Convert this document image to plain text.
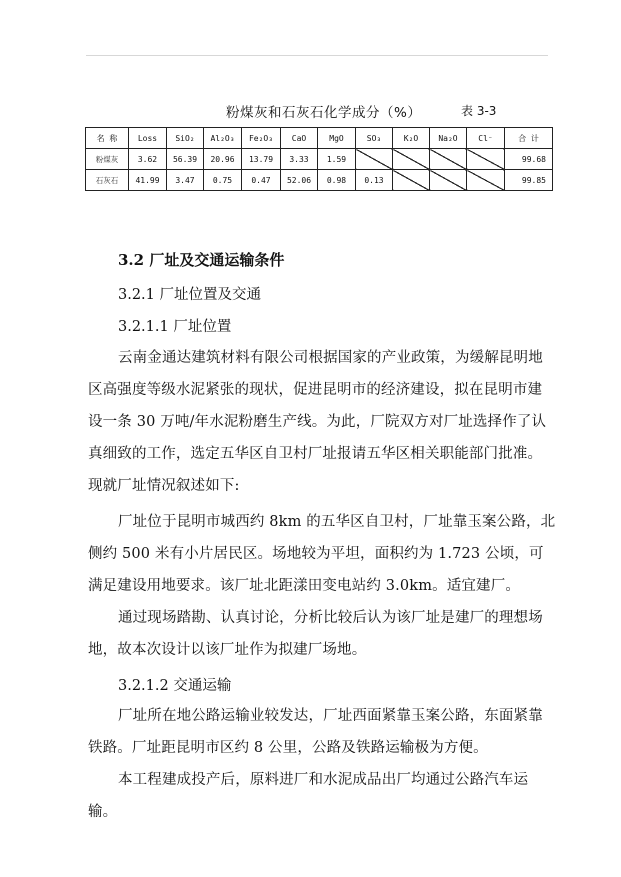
粉煤灰和石灰石化学成分（%）	表 3-3
名 称	Loss	SiO₂	Al₂O₃	Fe₂O₃	CaO	MgO	SO₃	K₂O	Na₂O	Cl⁻	合 计
粉煤灰	3.62	56.39	20.96	13.79	3.33	1.59					99.68
石灰石	41.99	3.47	0.75	0.47	52.06	0.98	0.13				99.85
3.2 厂址及交通运输条件
3.2.1 厂址位置及交通
3.2.1.1 厂址位置
云南金通达建筑材料有限公司根据国家的产业政策，为缓解昆明地区高强度等级水泥紧张的现状，促进昆明市的经济建设，拟在昆明市建设一条 30 万吨/年水泥粉磨生产线。为此，厂院双方对厂址选择作了认真细致的工作，选定五华区自卫村厂址报请五华区相关职能部门批准。
现就厂址情况叙述如下:
厂址位于昆明市城西约 8km 的五华区自卫村，厂址靠玉案公路，北侧约 500 米有小片居民区。场地较为平坦，面积约为 1.723 公顷，可满足建设用地要求。该厂址北距漾田变电站约 3.0km。适宜建厂。
通过现场踏勘、认真讨论，分析比较后认为该厂址是建厂的理想场地，故本次设计以该厂址作为拟建厂场地。
3.2.1.2 交通运输
厂址所在地公路运输业较发达，厂址西面紧靠玉案公路，东面紧靠铁路。厂址距昆明市区约 8 公里，公路及铁路运输极为方便。
本工程建成投产后，原料进厂和水泥成品出厂均通过公路汽车运输。
